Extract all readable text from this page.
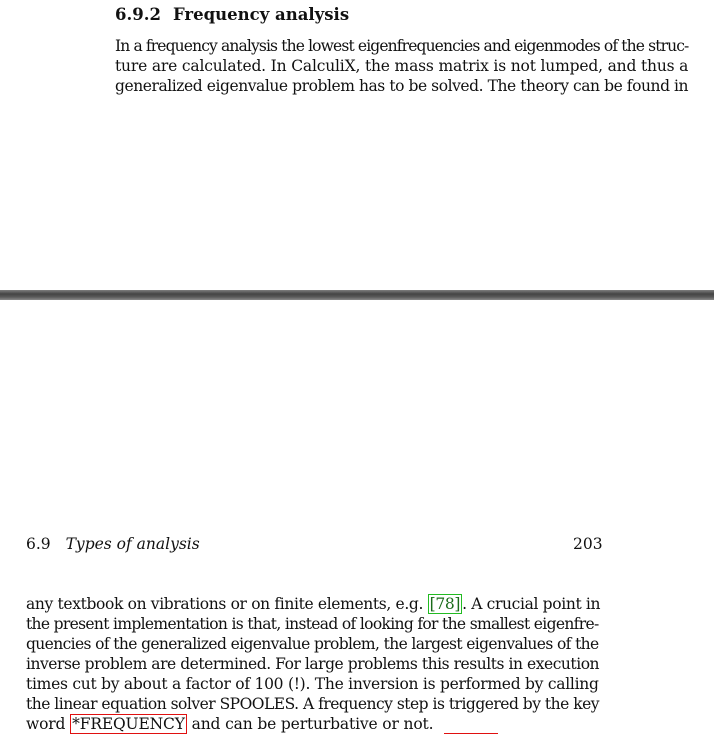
6.9.2 Frequency analysis
In a frequency analysis the lowest eigenfrequencies and eigenmodes of the struc-
ture are calculated. In CalculiX, the mass matrix is not lumped, and thus a
generalized eigenvalue problem has to be solved. The theory can be found in
6.9 Types of analysis	203
any textbook on vibrations or on finite elements, e.g. [78] . A crucial point in
the present implementation is that, instead of looking for the smallest eigenfre-
quencies of the generalized eigenvalue problem, the largest eigenvalues of the
inverse problem are determined. For large problems this results in execution
times cut by about a factor of 100 (!). The inversion is performed by calling
the linear equation solver SPOOLES. A frequency step is triggered by the key
word *FREQUENCY and can be perturbative or not.
